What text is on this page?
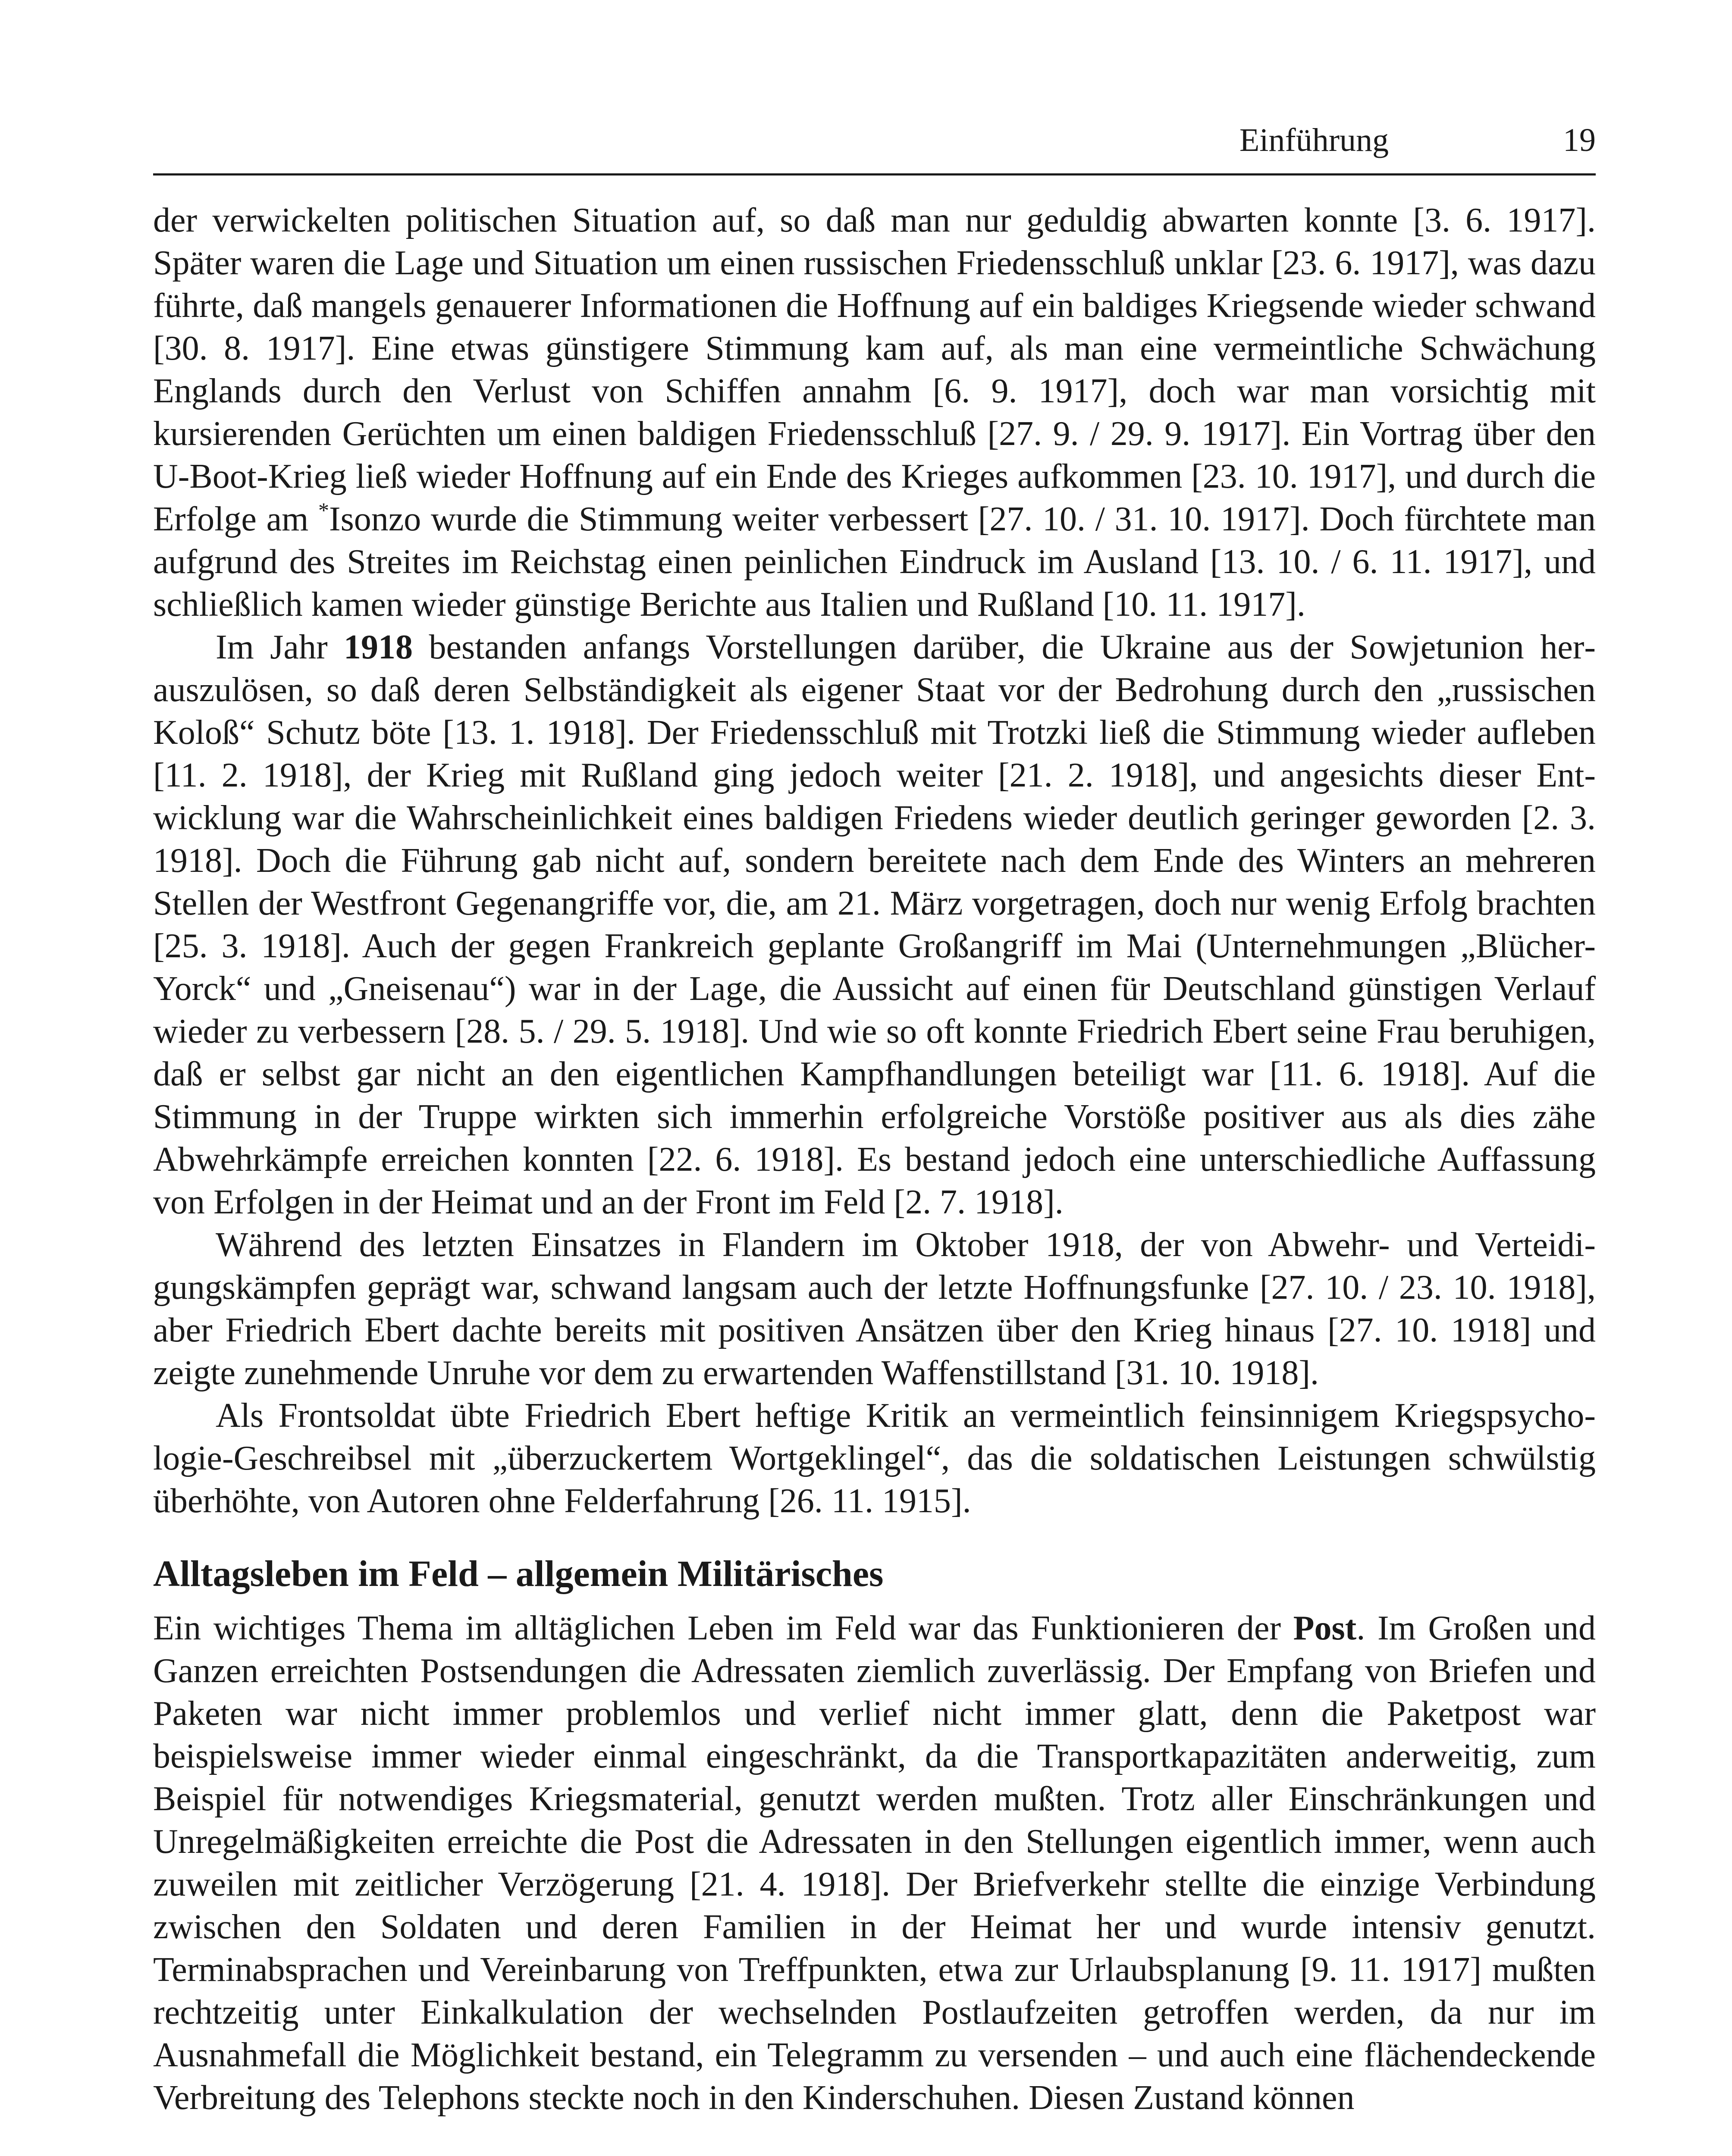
Einführung	19

der verwickelten politischen Situation auf, so daß man nur geduldig abwarten konnte [3. 6. 1917]. Später waren die Lage und Situation um einen russischen Friedensschluß unklar [23. 6. 1917], was dazu führte, daß mangels genauerer Informationen die Hoffnung auf ein baldiges Kriegsende wieder schwand [30. 8. 1917]. Eine etwas günstigere Stimmung kam auf, als man eine vermeintliche Schwächung Englands durch den Verlust von Schiffen annahm [6. 9. 1917], doch war man vorsichtig mit kursierenden Gerüchten um einen baldigen Friedensschluß [27. 9. / 29. 9. 1917]. Ein Vortrag über den U-Boot-Krieg ließ wieder Hoffnung auf ein Ende des Krieges aufkommen [23. 10. 1917], und durch die Erfolge am *Isonzo wurde die Stimmung weiter verbessert [27. 10. / 31. 10. 1917]. Doch fürchtete man aufgrund des Streites im Reichstag einen peinlichen Eindruck im Ausland [13. 10. / 6. 11. 1917], und schließlich kamen wieder günstige Berichte aus Italien und Rußland [10. 11. 1917].

Im Jahr 1918 bestanden anfangs Vorstellungen darüber, die Ukraine aus der Sowjetunion herauszulösen, so daß deren Selbständigkeit als eigener Staat vor der Bedrohung durch den „russischen Koloß“ Schutz böte [13. 1. 1918]. Der Friedensschluß mit Trotzki ließ die Stimmung wieder aufleben [11. 2. 1918], der Krieg mit Rußland ging jedoch weiter [21. 2. 1918], und angesichts dieser Entwicklung war die Wahrscheinlichkeit eines baldigen Friedens wieder deutlich geringer geworden [2. 3. 1918]. Doch die Führung gab nicht auf, sondern bereitete nach dem Ende des Winters an mehreren Stellen der Westfront Gegenangriffe vor, die, am 21. März vorgetragen, doch nur wenig Erfolg brachten [25. 3. 1918]. Auch der gegen Frankreich geplante Großangriff im Mai (Unternehmungen „Blücher-Yorck“ und „Gneisenau“) war in der Lage, die Aussicht auf einen für Deutschland günstigen Verlauf wieder zu verbessern [28. 5. / 29. 5. 1918]. Und wie so oft konnte Friedrich Ebert seine Frau beruhigen, daß er selbst gar nicht an den eigentlichen Kampfhandlungen beteiligt war [11. 6. 1918]. Auf die Stimmung in der Truppe wirkten sich immerhin erfolgreiche Vorstöße positiver aus als dies zähe Abwehrkämpfe erreichen konnten [22. 6. 1918]. Es bestand jedoch eine unterschiedliche Auffassung von Erfolgen in der Heimat und an der Front im Feld [2. 7. 1918].

Während des letzten Einsatzes in Flandern im Oktober 1918, der von Abwehr- und Verteidigungskämpfen geprägt war, schwand langsam auch der letzte Hoffnungsfunke [27. 10. / 23. 10. 1918], aber Friedrich Ebert dachte bereits mit positiven Ansätzen über den Krieg hinaus [27. 10. 1918] und zeigte zunehmende Unruhe vor dem zu erwartenden Waffenstillstand [31. 10. 1918].

Als Frontsoldat übte Friedrich Ebert heftige Kritik an vermeintlich feinsinnigem Kriegspsychologie-Geschreibsel mit „überzuckertem Wortgeklingel“, das die soldatischen Leistungen schwülstig überhöhte, von Autoren ohne Felderfahrung [26. 11. 1915].

Alltagsleben im Feld – allgemein Militärisches

Ein wichtiges Thema im alltäglichen Leben im Feld war das Funktionieren der Post. Im Großen und Ganzen erreichten Postsendungen die Adressaten ziemlich zuverlässig. Der Empfang von Briefen und Paketen war nicht immer problemlos und verlief nicht immer glatt, denn die Paketpost war beispielsweise immer wieder einmal eingeschränkt, da die Transportkapazitäten anderweitig, zum Beispiel für notwendiges Kriegsmaterial, genutzt werden mußten. Trotz aller Einschränkungen und Unregelmäßigkeiten erreichte die Post die Adressaten in den Stellungen eigentlich immer, wenn auch zuweilen mit zeitlicher Verzögerung [21. 4. 1918]. Der Briefverkehr stellte die einzige Verbindung zwischen den Soldaten und deren Familien in der Heimat her und wurde intensiv genutzt. Terminabsprachen und Vereinbarung von Treffpunkten, etwa zur Urlaubsplanung [9. 11. 1917] mußten rechtzeitig unter Einkalkulation der wechselnden Postlaufzeiten getroffen werden, da nur im Ausnahmefall die Möglichkeit bestand, ein Telegramm zu versenden – und auch eine flächendeckende Verbreitung des Telephons steckte noch in den Kinderschuhen. Diesen Zustand können
